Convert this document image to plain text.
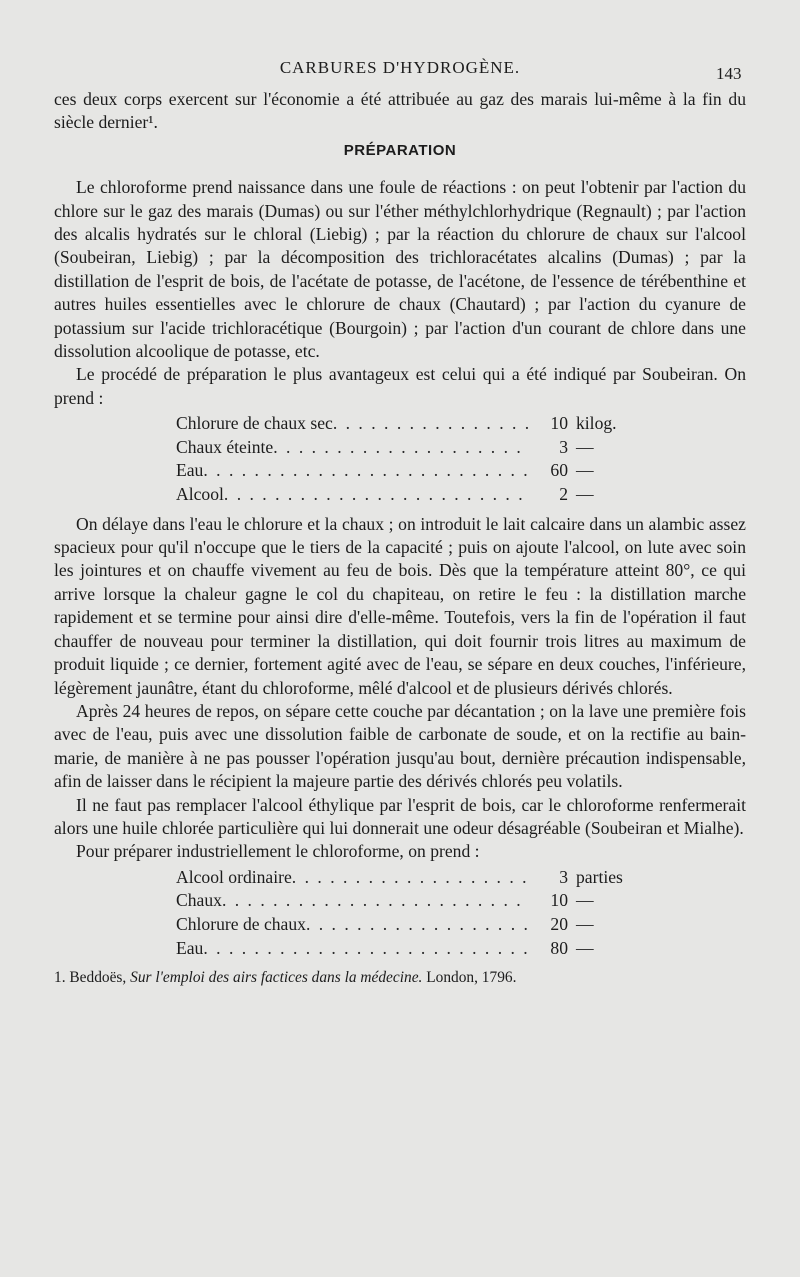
CARBURES D'HYDROGÈNE.	143

ces deux corps exercent sur l'économie a été attribuée au gaz des marais lui-même à la fin du siècle dernier¹.

PRÉPARATION

Le chloroforme prend naissance dans une foule de réactions : on peut l'obtenir par l'action du chlore sur le gaz des marais (Dumas) ou sur l'éther méthylchlorhydrique (Regnault) ; par l'action des alcalis hydratés sur le chloral (Liebig) ; par la réaction du chlorure de chaux sur l'alcool (Soubeiran, Liebig) ; par la décomposition des trichloracétates alcalins (Dumas) ; par la distillation de l'esprit de bois, de l'acétate de potasse, de l'acétone, de l'essence de térébenthine et autres huiles essentielles avec le chlorure de chaux (Chautard) ; par l'action du cyanure de potassium sur l'acide trichloracétique (Bourgoin) ; par l'action d'un courant de chlore dans une dissolution alcoolique de potasse, etc.

Le procédé de préparation le plus avantageux est celui qui a été indiqué par Soubeiran. On prend :

Chlorure de chaux sec . . .	10 kilog.
Chaux éteinte . . .	3 —
Eau . . .	60 —
Alcool . . .	2 —

On délaye dans l'eau le chlorure et la chaux ; on introduit le lait calcaire dans un alambic assez spacieux pour qu'il n'occupe que le tiers de la capacité ; puis on ajoute l'alcool, on lute avec soin les jointures et on chauffe vivement au feu de bois. Dès que la température atteint 80°, ce qui arrive lorsque la chaleur gagne le col du chapiteau, on retire le feu : la distillation marche rapidement et se termine pour ainsi dire d'elle-même. Toutefois, vers la fin de l'opération il faut chauffer de nouveau pour terminer la distillation, qui doit fournir trois litres au maximum de produit liquide ; ce dernier, fortement agité avec de l'eau, se sépare en deux couches, l'inférieure, légèrement jaunâtre, étant du chloroforme, mêlé d'alcool et de plusieurs dérivés chlorés.

Après 24 heures de repos, on sépare cette couche par décantation ; on la lave une première fois avec de l'eau, puis avec une dissolution faible de carbonate de soude, et on la rectifie au bain-marie, de manière à ne pas pousser l'opération jusqu'au bout, dernière précaution indispensable, afin de laisser dans le récipient la majeure partie des dérivés chlorés peu volatils.

Il ne faut pas remplacer l'alcool éthylique par l'esprit de bois, car le chloroforme renfermerait alors une huile chlorée particulière qui lui donnerait une odeur désagréable (Soubeiran et Mialhe).

Pour préparer industriellement le chloroforme, on prend :

Alcool ordinaire . . .	3 parties
Chaux . . .	10 —
Chlorure de chaux . . .	20 —
Eau . . .	80 —

1. Beddoës, Sur l'emploi des airs factices dans la médecine. London, 1796.
